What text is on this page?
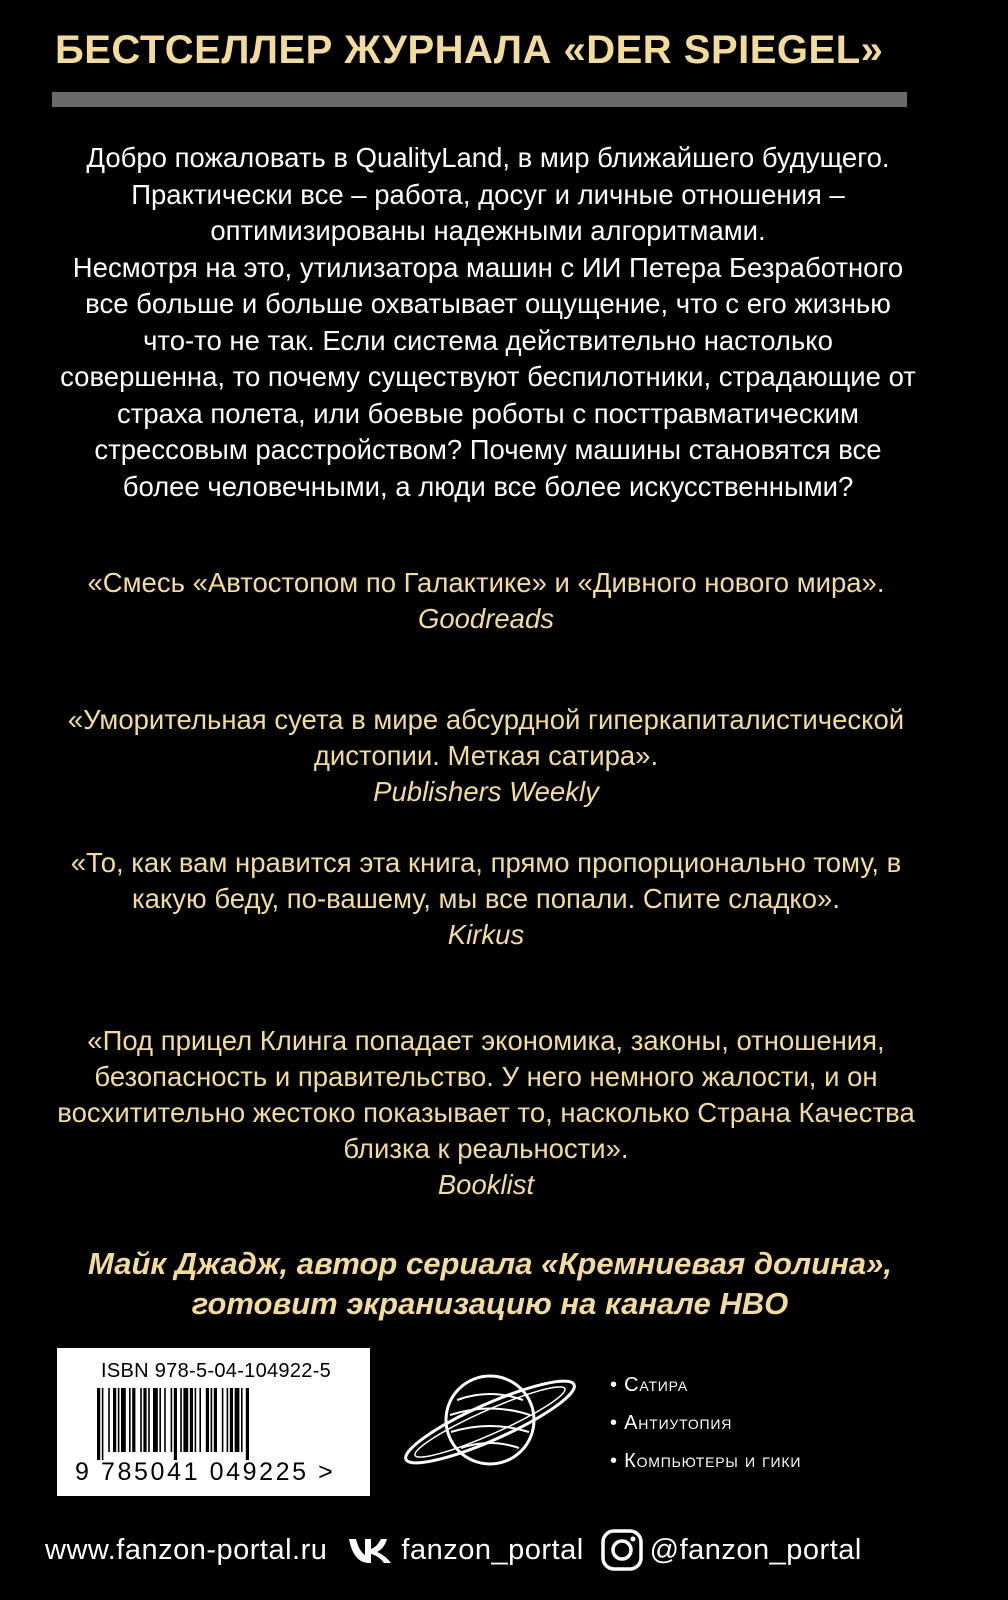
БЕСТСЕЛЛЕР ЖУРНАЛА «DER SPIEGEL»

Добро пожаловать в QualityLand, в мир ближайшего будущего. Практически все – работа, досуг и личные отношения – оптимизированы надежными алгоритмами.

Несмотря на это, утилизатора машин с ИИ Петера Безработного все больше и больше охватывает ощущение, что с его жизнью что-то не так. Если система действительно настолько совершенна, то почему существуют беспилотники, страдающие от страха полета, или боевые роботы с посттравматическим стрессовым расстройством? Почему машины становятся все более человечными, а люди все более искусственными?

«Смесь «Автостопом по Галактике» и «Дивного нового мира».
Goodreads
«Уморительная суета в мире абсурдной гиперкапиталистической дистопии. Меткая сатира».
Publishers Weekly
«То, как вам нравится эта книга, прямо пропорционально тому, в какую беду, по-вашему, мы все попали. Спите сладко».
Kirkus
«Под прицел Клинга попадает экономика, законы, отношения, безопасность и правительство. У него немного жалости, и он восхитительно жестоко показывает то, насколько Страна Качества близка к реальности».
Booklist
Майк Джадж, автор сериала «Кремниевая долина»,
готовит экранизацию на канале HBO
ISBN 978-5-04-104922-5
9 785041 049225 >
• Сатира
• Антиутопия
• Компьютеры и гики
www.fanzon-portal.ru	fanzon_portal @fanzon_portal
